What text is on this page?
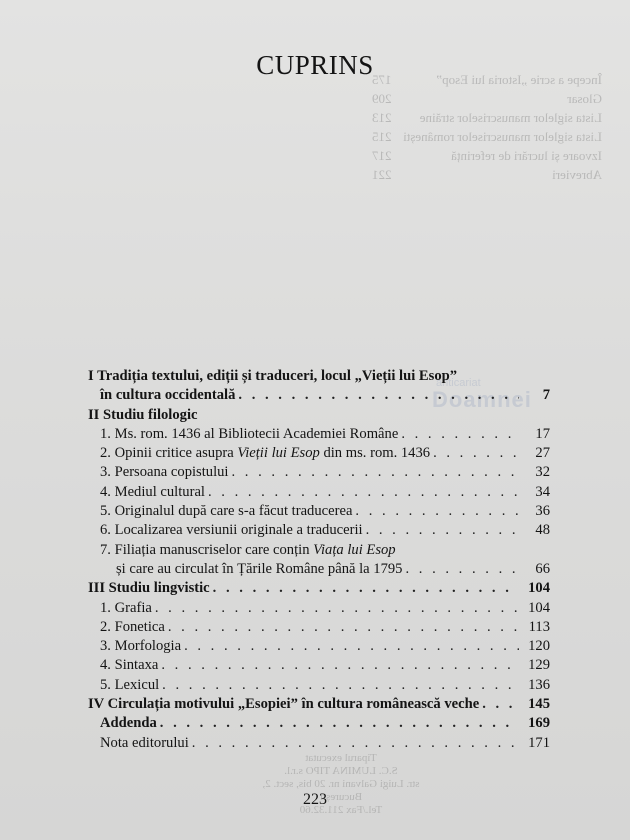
Începe a scrie „Istoria lui Esop”
175
Glosar
209
Lista siglelor manuscriselor străine
213
Lista siglelor manuscriselor românești
215
Izvoare și lucrări de referință
217
Abrevieri
221
CUPRINS
anticariat
Doamnei
I Tradiția textului, ediții și traduceri, locul „Vieții lui Esop”
în cultura occidentală . . .	7
II Studiu filologic
1. Ms. rom. 1436 al Bibliotecii Academiei Române . . .	17
2. Opinii critice asupra Vieții lui Esop din ms. rom. 1436 . . .	27
3. Persoana copistului . . .	32
4. Mediul cultural . . .	34
5. Originalul după care s-a făcut traducerea . . .	36
6. Localizarea versiunii originale a traducerii . . .	48
7. Filiația manuscriselor care conțin Viața lui Esop
și care au circulat în Țările Române până la 1795 . . .	66
III Studiu lingvistic . . .	104
1. Grafia . . .	104
2. Fonetica . . .	113
3. Morfologia . . .	120
4. Sintaxa . . .	129
5. Lexicul . . .	136
IV Circulația motivului „Esopiei” în cultura românească veche . . .	145
Addenda . . .	169
Nota editorului . . .	171
Tiparul executat
S.C. LUMINA TIPO s.r.l.
str. Luigi Galvani nr. 20 bis, sect. 2, București
Tel./Fax 211.32.60
223
